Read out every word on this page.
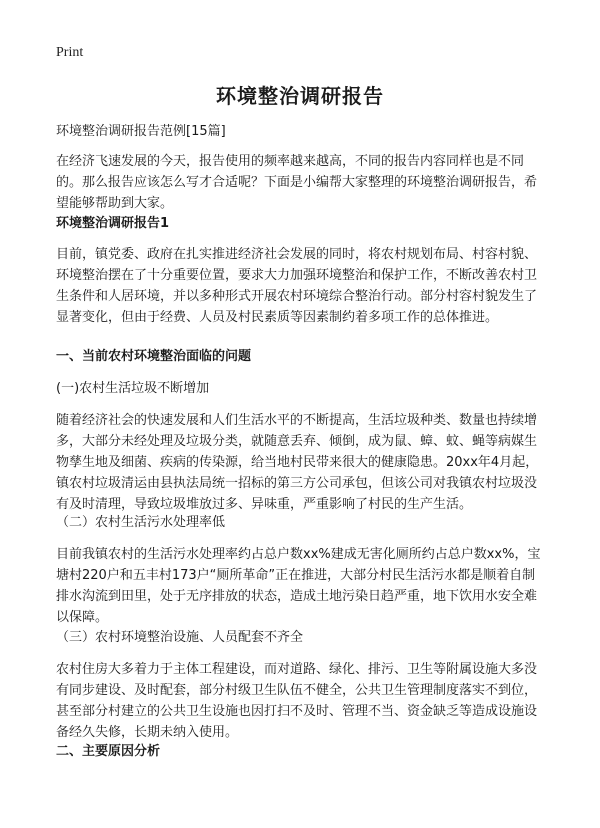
Print
环境整治调研报告

环境整治调研报告范例[15篇]

在经济飞速发展的今天，报告使用的频率越来越高，不同的报告内容同样也是不同的。那么报告应该怎么写才合适呢？下面是小编帮大家整理的环境整治调研报告，希望能够帮助到大家。

环境整治调研报告1

目前，镇党委、政府在扎实推进经济社会发展的同时，将农村规划布局、村容村貌、环境整治摆在了十分重要位置，要求大力加强环境整治和保护工作，不断改善农村卫生条件和人居环境，并以多种形式开展农村环境综合整治行动。部分村容村貌发生了显著变化，但由于经费、人员及村民素质等因素制约着多项工作的总体推进。

一、当前农村环境整治面临的问题

(一)农村生活垃圾不断增加

随着经济社会的快速发展和人们生活水平的不断提高，生活垃圾种类、数量也持续增多，大部分未经处理及垃圾分类，就随意丢弃、倾倒，成为鼠、蟑、蚊、蝇等病媒生物孳生地及细菌、疾病的传染源，给当地村民带来很大的健康隐患。20xx年4月起，镇农村垃圾清运由县执法局统一招标的第三方公司承包，但该公司对我镇农村垃圾没有及时清理，导致垃圾堆放过多、异味重，严重影响了村民的生产生活。

（二）农村生活污水处理率低

目前我镇农村的生活污水处理率约占总户数xx%建成无害化厕所约占总户数xx%，宝塘村220户和五丰村173户“厕所革命”正在推进，大部分村民生活污水都是顺着自制排水沟流到田里，处于无序排放的状态，造成土地污染日趋严重，地下饮用水安全难以保障。

（三）农村环境整治设施、人员配套不齐全

农村住房大多着力于主体工程建设，而对道路、绿化、排污、卫生等附属设施大多没有同步建设、及时配套，部分村级卫生队伍不健全，公共卫生管理制度落实不到位，甚至部分村建立的公共卫生设施也因打扫不及时、管理不当、资金缺乏等造成设施设备经久失修，长期未纳入使用。

二、主要原因分析
